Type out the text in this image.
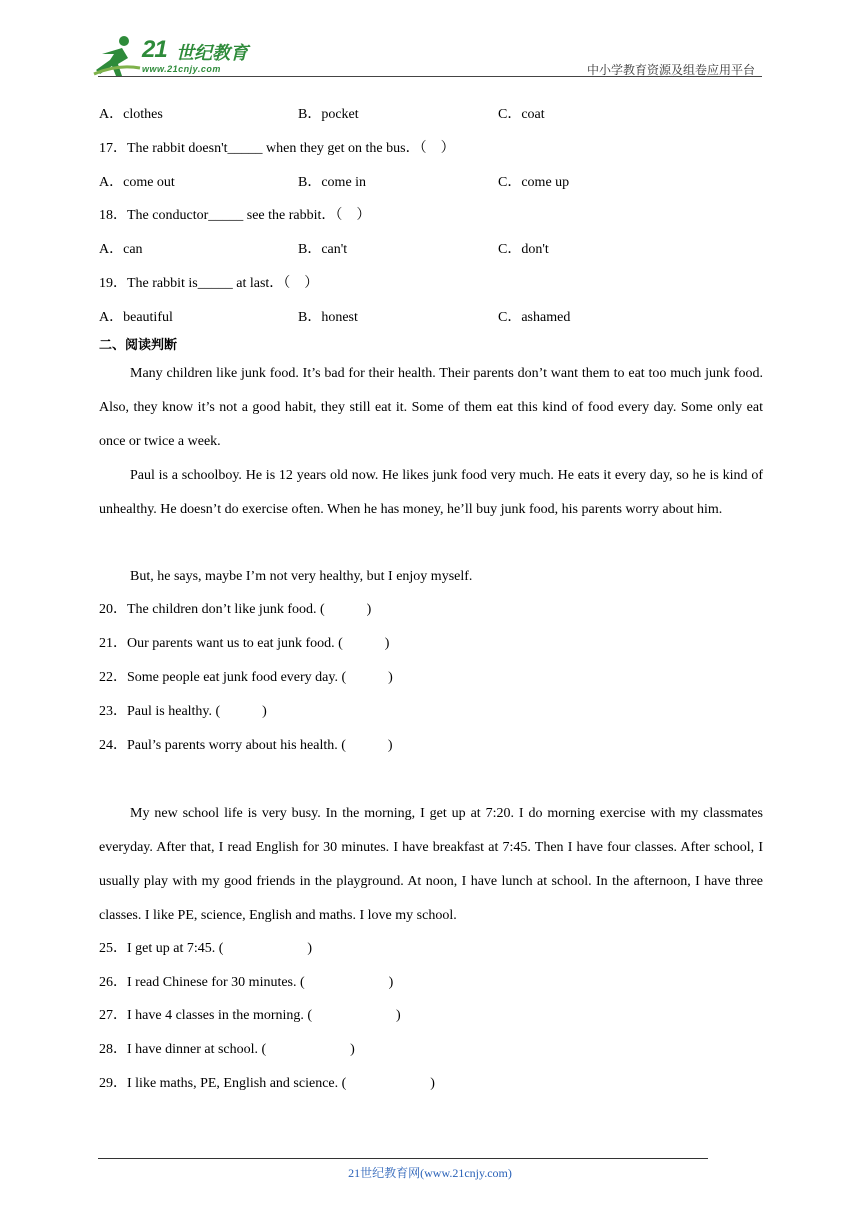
21 世纪教育
www.21cnjy.com	中小学教育资源及组卷应用平台
A．clothes	B．pocket	C．coat
17．The rabbit doesn't_____ when they get on the bus．（　）
A．come out	B．come in	C．come up
18．The conductor_____ see the rabbit．（　）
A．can	B．can't	C．don't
19．The rabbit is_____ at last．（　）
A．beautiful	B．honest	C．ashamed
二、阅读判断
Many children like junk food. It’s bad for their health. Their parents don’t want them to eat too much junk food. Also, they know it’s not a good habit, they still eat it. Some of them eat this kind of food every day. Some only eat once or twice a week.
Paul is a schoolboy. He is 12 years old now. He likes junk food very much. He eats it every day, so he is kind of unhealthy. He doesn’t do exercise often. When he has money, he’ll buy junk food, his parents worry about him.
But, he says, maybe I’m not very healthy, but I enjoy myself.
20．The children don’t like junk food. (　　　)
21．Our parents want us to eat junk food. (　　　)
22．Some people eat junk food every day. (　　　)
23．Paul is healthy. (　　　)
24．Paul’s parents worry about his health. (　　　)
My new school life is very busy. In the morning, I get up at 7:20. I do morning exercise with my classmates everyday. After that, I read English for 30 minutes. I have breakfast at 7:45. Then I have four classes. After school, I usually play with my good friends in the playground. At noon, I have lunch at school. In the afternoon, I have three classes. I like PE, science, English and maths. I love my school.
25．I get up at 7:45. (　　　　　　)
26．I read Chinese for 30 minutes. (　　　　　　)
27．I have 4 classes in the morning. (　　　　　　)
28．I have dinner at school. (　　　　　　)
29．I like maths, PE, English and science. (　　　　　　)
21世纪教育网(www.21cnjy.com)
